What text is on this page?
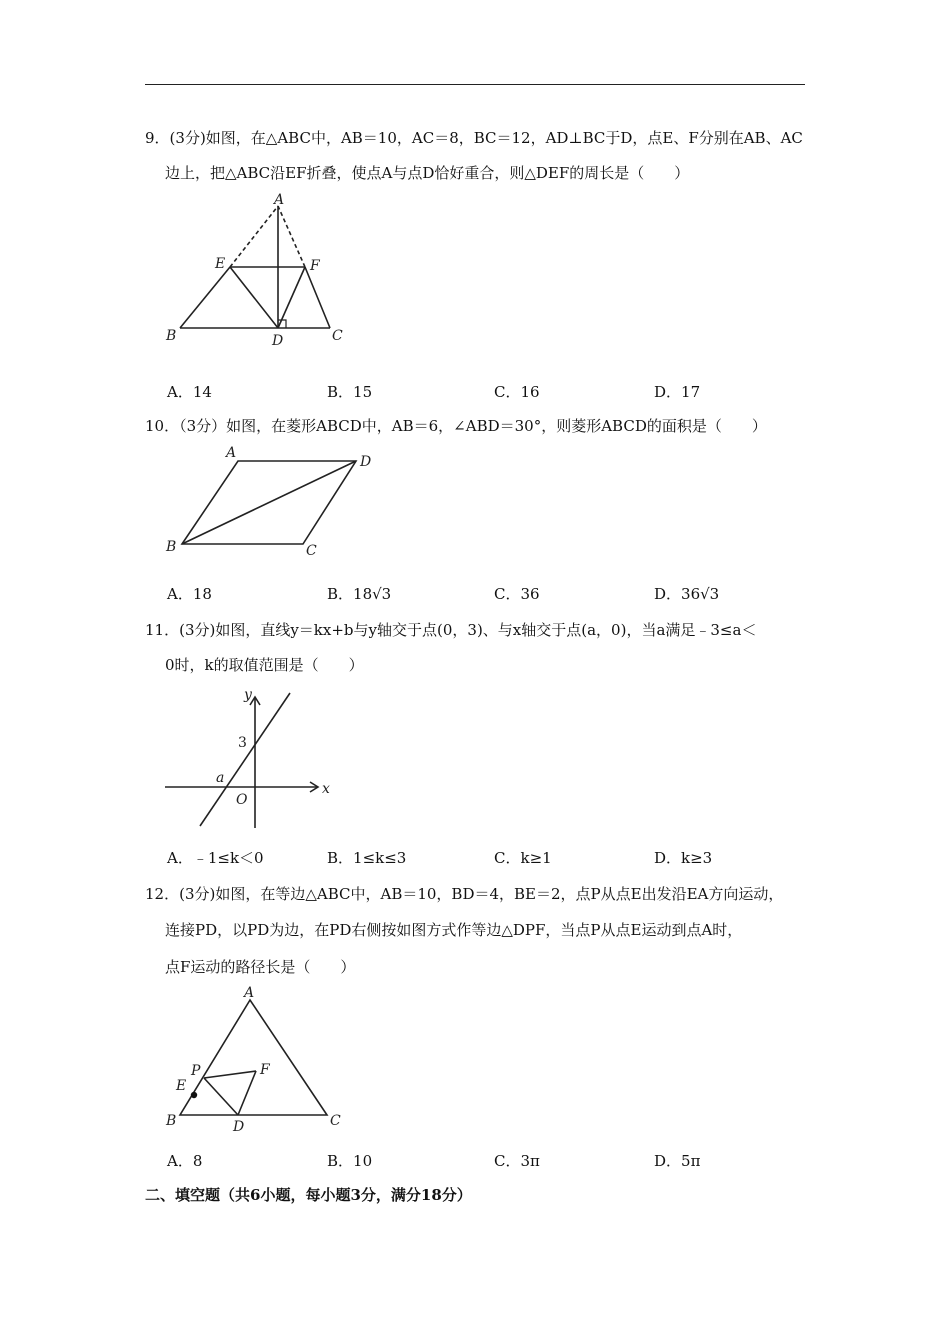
9．(3分)如图，在△ABC中，AB＝10，AC＝8，BC＝12，AD⊥BC于D，点E、F分别在AB、AC
边上，把△ABC沿EF折叠，使点A与点D恰好重合，则△DEF的周长是（　　）
A
E	F
B	D	C
A．14	B．15	C．16	D．17
10．（3分）如图，在菱形ABCD中，AB＝6，∠ABD＝30°，则菱形ABCD的面积是（　　）
A
D
B	C
A．18	B．18√3	C．36	D．36√3
11．(3分)如图，直线y＝kx+b与y轴交于点(0，3)、与x轴交于点(a，0)，当a满足﹣3≤a＜
0时，k的取值范围是（　　）
y
3
a
O
x
A．﹣1≤k＜0	B．1≤k≤3	C．k≥1	D．k≥3
12．(3分)如图，在等边△ABC中，AB＝10，BD＝4，BE＝2，点P从点E出发沿EA方向运动，
连接PD，以PD为边，在PD右侧按如图方式作等边△DPF，当点P从点E运动到点A时，
点F运动的路径长是（　　）
A
P	F
E
B	D	C
A．8	B．10	C．3π	D．5π
二、填空题（共6小题，每小题3分，满分18分）
